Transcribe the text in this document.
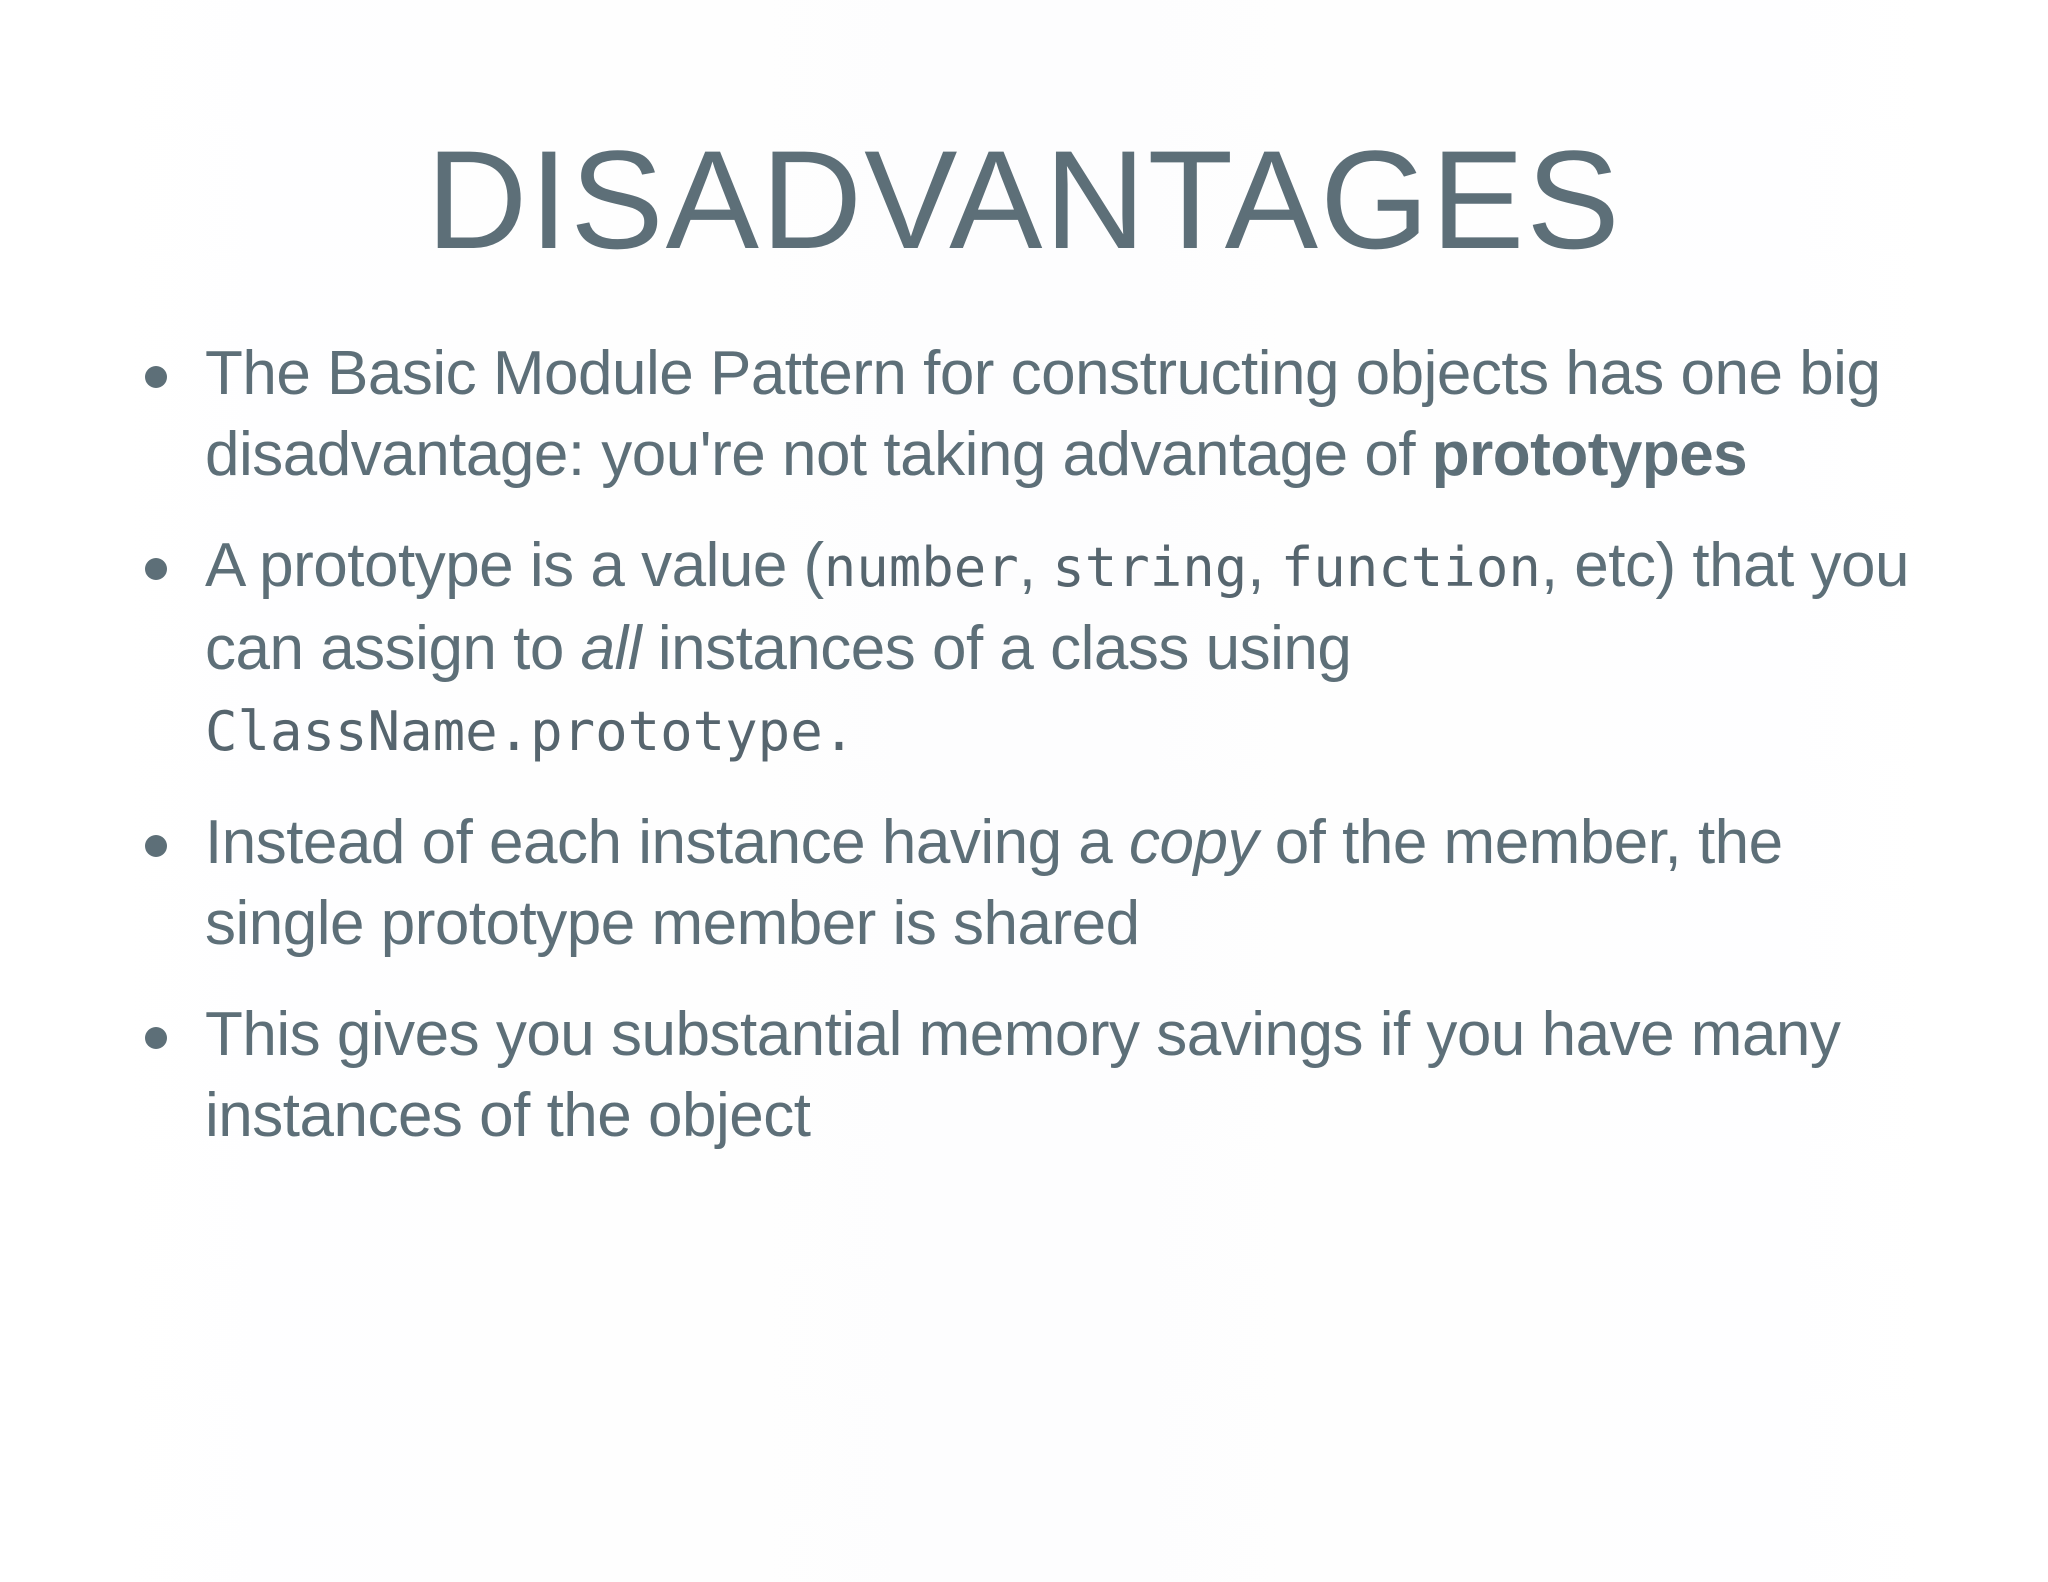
DISADVANTAGES
The Basic Module Pattern for constructing objects has one big disadvantage: you're not taking advantage of prototypes
A prototype is a value (number, string, function, etc) that you can assign to all instances of a class using ClassName.prototype.
Instead of each instance having a copy of the member, the single prototype member is shared
This gives you substantial memory savings if you have many instances of the object
